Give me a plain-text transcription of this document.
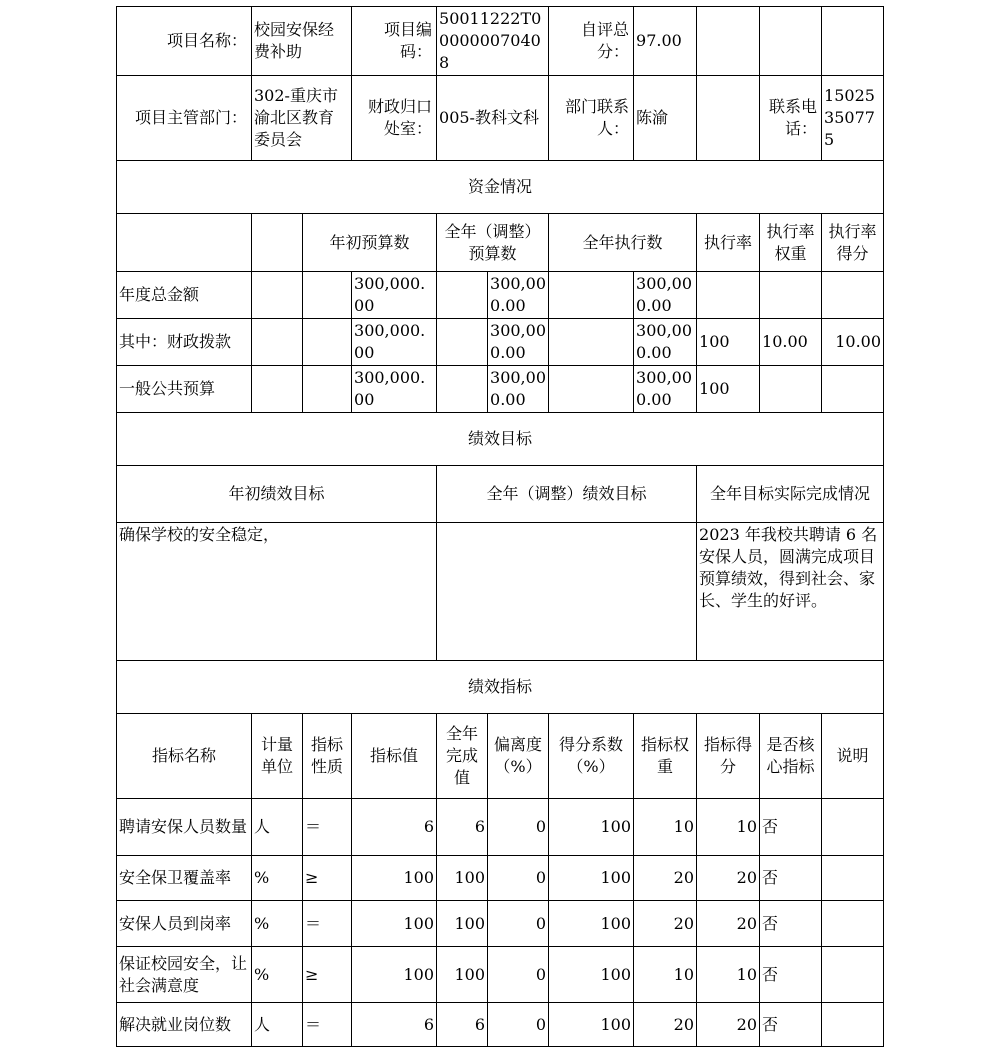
项目名称：	校园安保经费补助		项目编码：	50011222T000000070408		自评总分：	97.00			
项目主管部门：	302-重庆市渝北区教育委员会		财政归口处室：	005-教科文科		部门联系人：	陈渝		联系电话：	15025350775
资金情况										
		年初预算数		全年（调整）预算数		全年执行数		执行率	执行率权重	执行率得分
年度总金额			300,000.00		300,000.00		300,000.00			
其中：财政拨款			300,000.00		300,000.00		300,000.00	100	10.00	10.00
一般公共预算			300,000.00		300,000.00		300,000.00	100		
绩效目标										
年初绩效目标				全年（调整）绩效目标				全年目标实际完成情况		
确保学校的安全稳定，								2023 年我校共聘请 6 名安保人员，圆满完成项目预算绩效，得到社会、家长、学生的好评。		
绩效指标										
指标名称	计量单位	指标性质	指标值	全年完成值	偏离度（%）	得分系数（%）	指标权重	指标得分	是否核心指标	说明
聘请安保人员数量	人	＝	6	6	0	100	10	10	否	
安全保卫覆盖率	%	≥	100	100	0	100	20	20	否	
安保人员到岗率	%	＝	100	100	0	100	20	20	否	
保证校园安全，让社会满意度	%	≥	100	100	0	100	10	10	否	
解决就业岗位数	人	＝	6	6	0	100	20	20	否	
